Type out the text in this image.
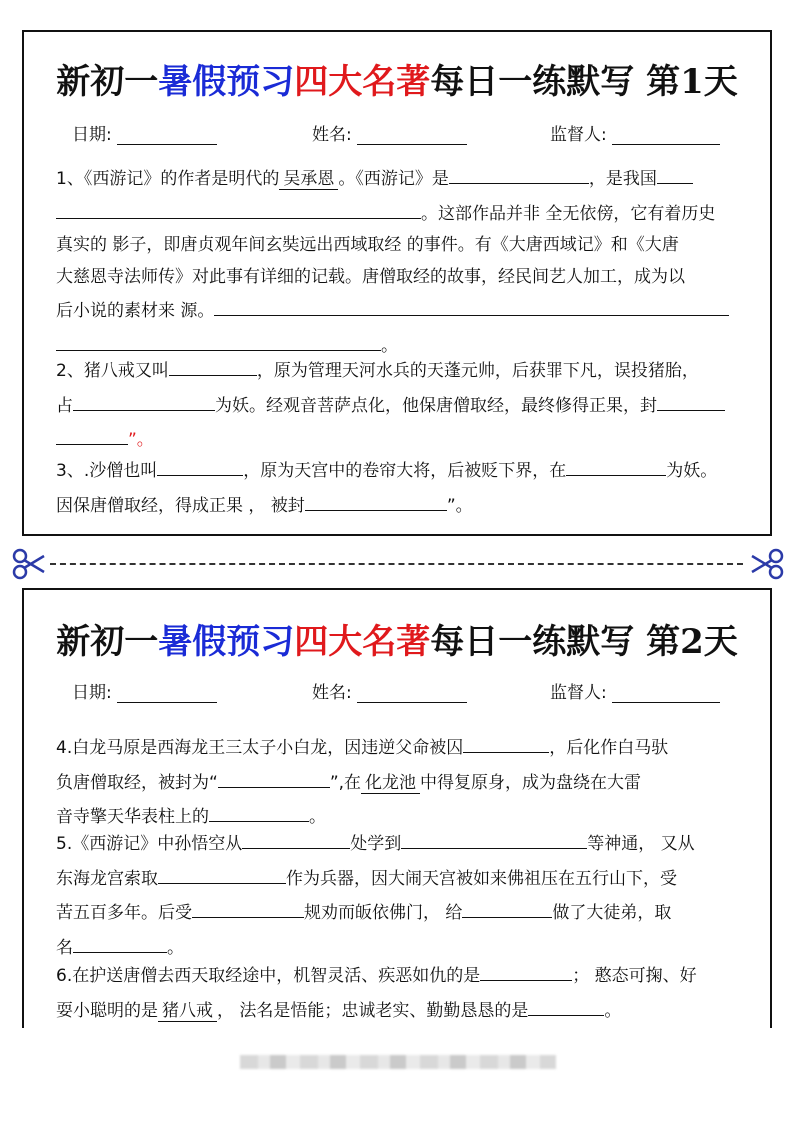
新初一暑假预习四大名著每日一练默写 第1天
日期:	姓名:	监督人:
1、《西游记》的作者是明代的 吴承恩 。《西游记》是	，是我国
。这部作品并非 全无依傍，它有着历史
真实的 影子，即唐贞观年间玄奘远出西域取经 的事件。有《大唐西域记》和《大唐
大慈恩寺法师传》对此事有详细的记载。唐僧取经的故事，经民间艺人加工，成为以
后小说的素材来 源。
。
2、猪八戒又叫	，原为管理天河水兵的天蓬元帅，后获罪下凡，误投猪胎，
占	为妖。经观音菩萨点化，他保唐僧取经，最终修得正果，封
”。
3、.沙僧也叫	，原为天宫中的卷帘大将，后被贬下界，在	为妖。
因保唐僧取经，得成正果 ， 被封	”。
新初一暑假预习四大名著每日一练默写 第2天
日期:	姓名:	监督人:
4.白龙马原是西海龙王三太子小白龙，因违逆父命被囚	，后化作白马驮
负唐僧取经，被封为“	”,在 化龙池 中得复原身，成为盘绕在大雷
音寺擎天华表柱上的	。
5.《西游记》中孙悟空从	处学到	等神通， 又从
东海龙宫索取	作为兵器，因大闹天宫被如来佛祖压在五行山下，受
苦五百多年。后受	规劝而皈依佛门， 给	做了大徒弟，取
名	。
6.在护送唐僧去西天取经途中，机智灵活、疾恶如仇的是	； 憨态可掬、好
耍小聪明的是 猪八戒 ， 法名是悟能；忠诚老实、勤勤恳恳的是	。
